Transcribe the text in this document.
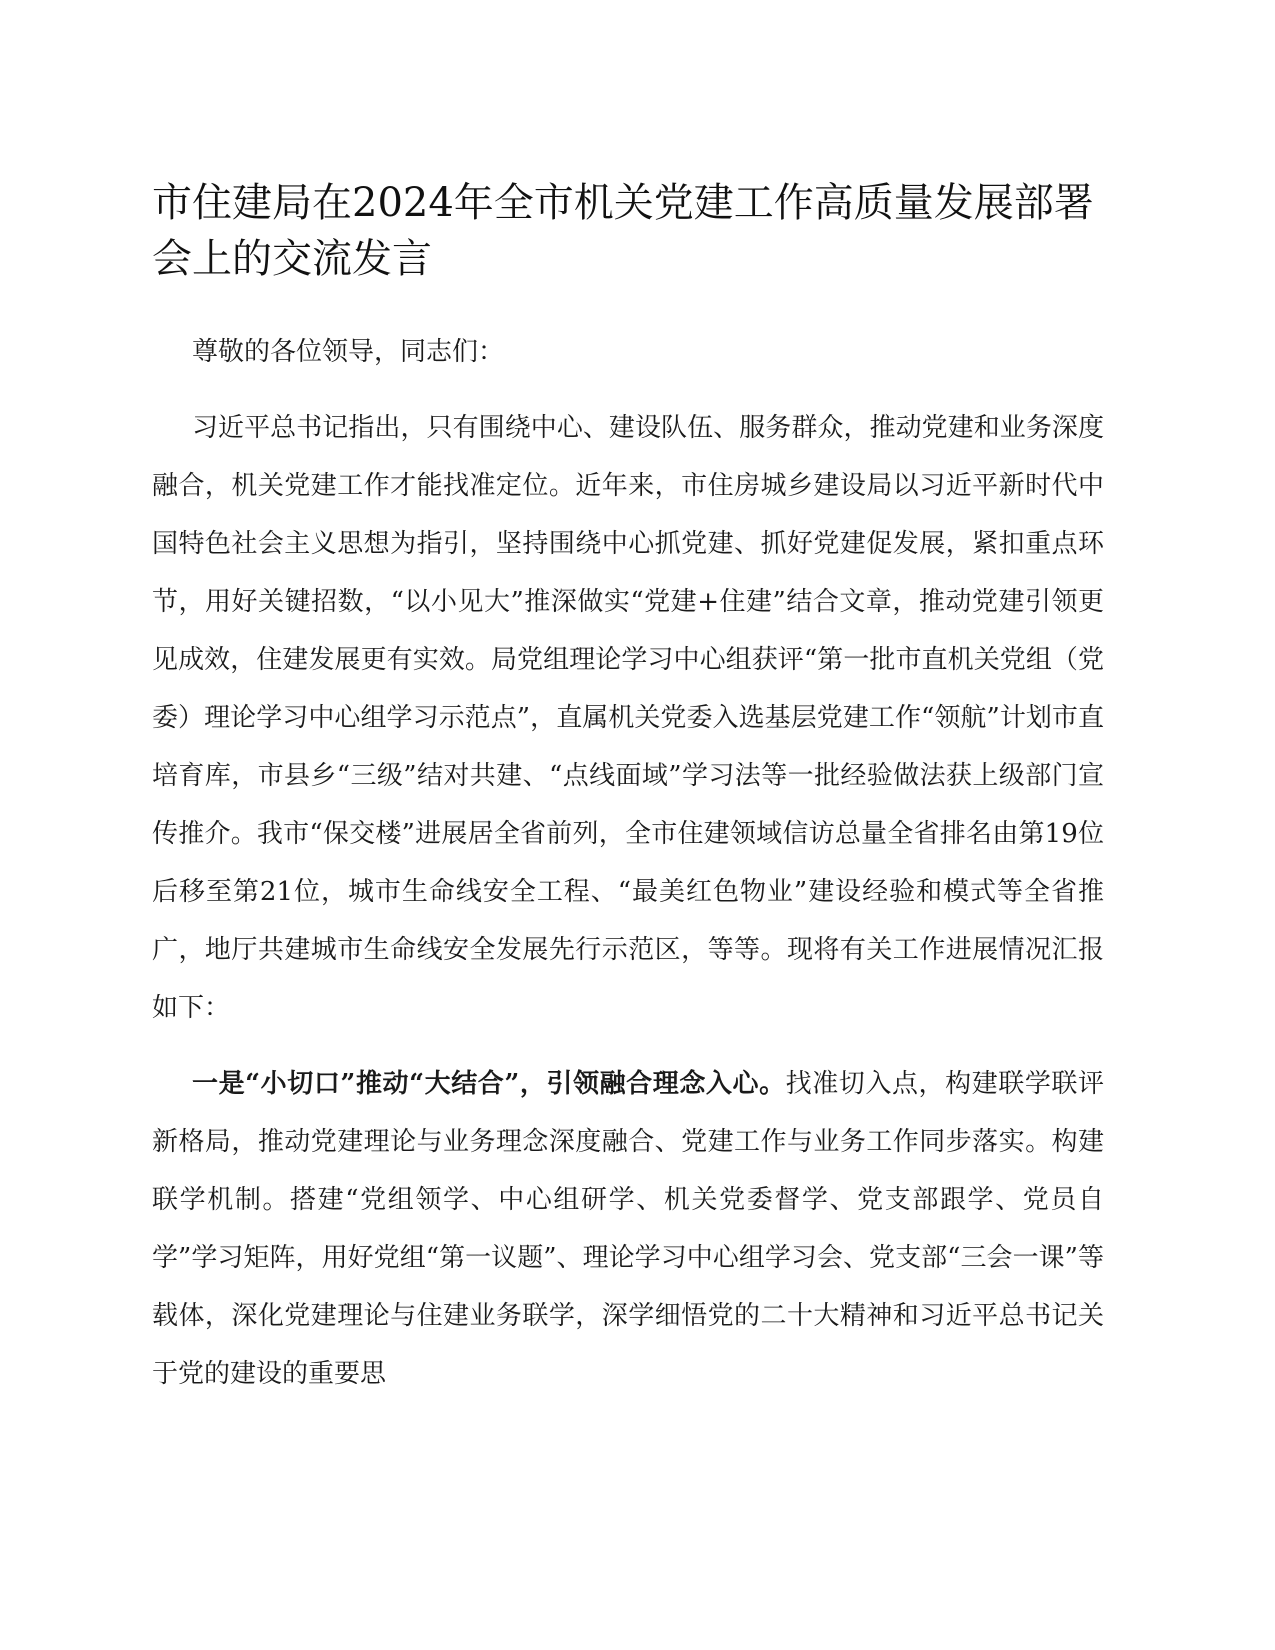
市住建局在2024年全市机关党建工作高质量发展部署会上的交流发言

尊敬的各位领导，同志们：

习近平总书记指出，只有围绕中心、建设队伍、服务群众，推动党建和业务深度融合，机关党建工作才能找准定位。近年来，市住房城乡建设局以习近平新时代中国特色社会主义思想为指引，坚持围绕中心抓党建、抓好党建促发展，紧扣重点环节，用好关键招数，“以小见大”推深做实“党建+住建”结合文章，推动党建引领更见成效，住建发展更有实效。局党组理论学习中心组获评“第一批市直机关党组（党委）理论学习中心组学习示范点”，直属机关党委入选基层党建工作“领航”计划市直培育库，市县乡“三级”结对共建、“点线面域”学习法等一批经验做法获上级部门宣传推介。我市“保交楼”进展居全省前列，全市住建领域信访总量全省排名由第19位后移至第21位，城市生命线安全工程、“最美红色物业”建设经验和模式等全省推广，地厅共建城市生命线安全发展先行示范区，等等。现将有关工作进展情况汇报如下：

一是“小切口”推动“大结合”，引领融合理念入心。找准切入点，构建联学联评新格局，推动党建理论与业务理念深度融合、党建工作与业务工作同步落实。构建联学机制。搭建“党组领学、中心组研学、机关党委督学、党支部跟学、党员自学”学习矩阵，用好党组“第一议题”、理论学习中心组学习会、党支部“三会一课”等载体，深化党建理论与住建业务联学，深学细悟党的二十大精神和习近平总书记关于党的建设的重要思
